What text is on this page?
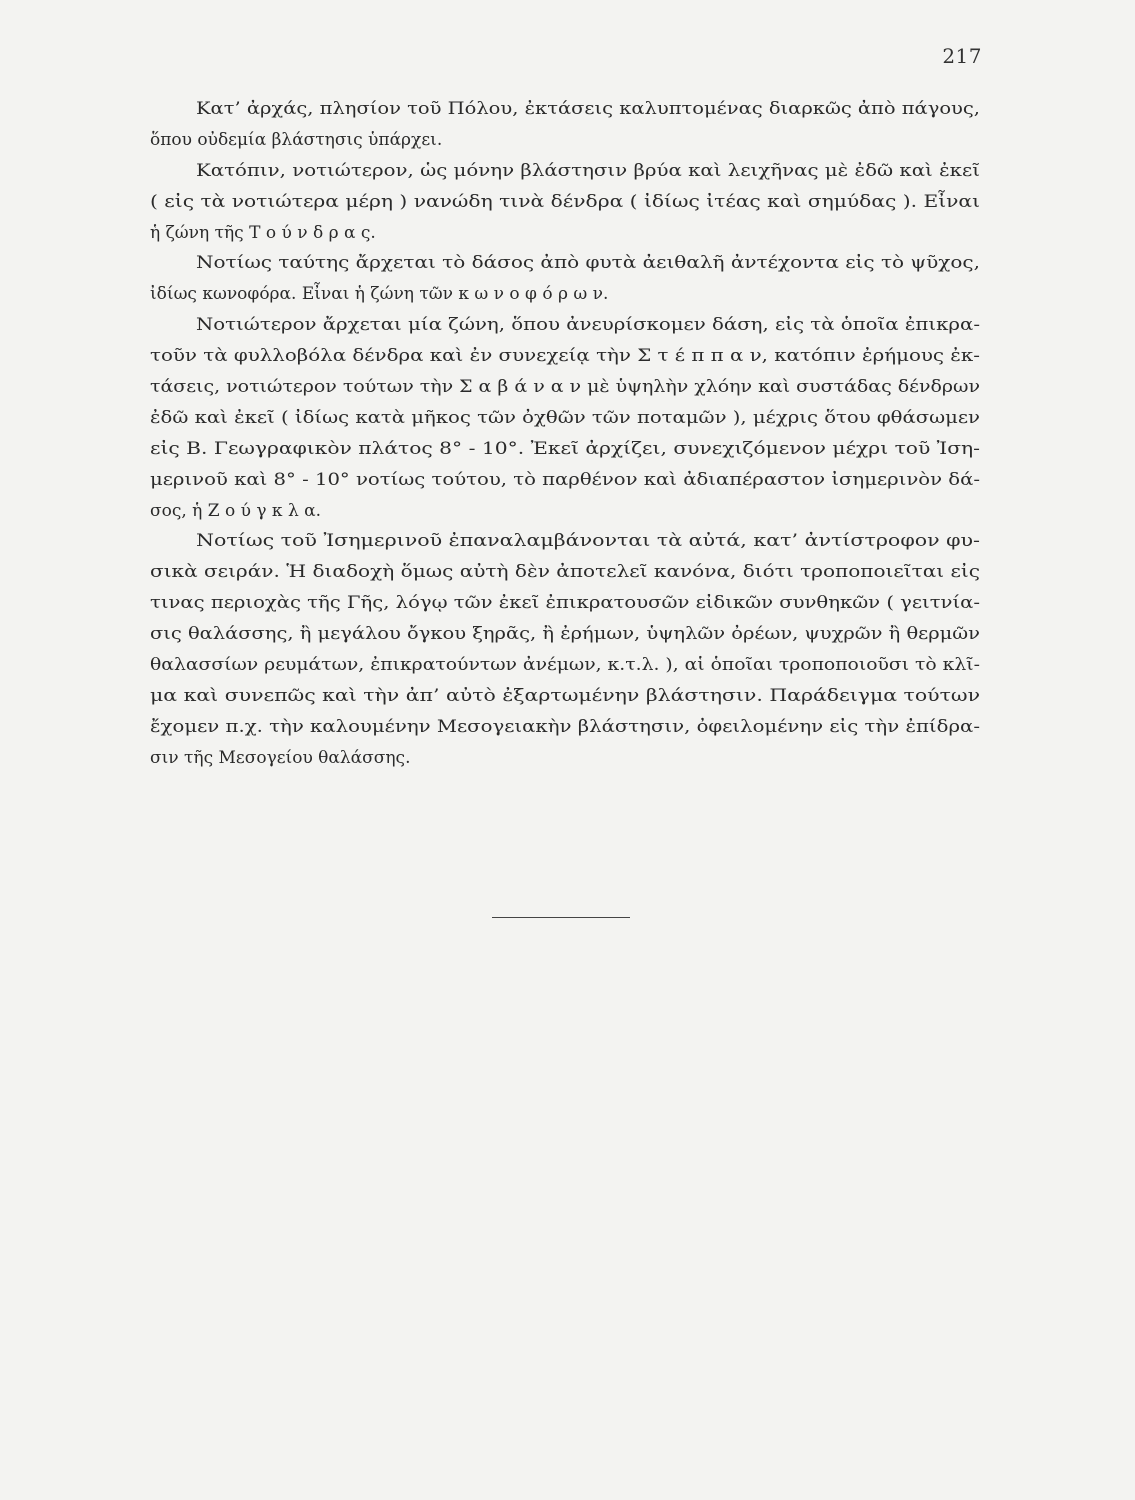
217
Κατ’ ἀρχάς, πλησίον τοῦ Πόλου, ἐκτάσεις καλυπτομένας διαρκῶς ἀπὸ πάγους,
ὅπου οὐδεμία βλάστησις ὑπάρχει.
Κατόπιν, νοτιώτερον, ὡς μόνην βλάστησιν βρύα καὶ λειχῆνας μὲ ἐδῶ καὶ ἐκεῖ
( εἰς τὰ νοτιώτερα μέρη ) νανώδη τινὰ δένδρα ( ἰδίως ἰτέας καὶ σημύδας ). Εἶναι
ἡ ζώνη τῆς Τ ο ύ ν δ ρ α ς.
Νοτίως ταύτης ἄρχεται τὸ δάσος ἀπὸ φυτὰ ἀειθαλῆ ἀντέχοντα εἰς τὸ ψῦχος,
ἰδίως κωνοφόρα. Εἶναι ἡ ζώνη τῶν κ ω ν ο φ ό ρ ω ν.
Νοτιώτερον ἄρχεται μία ζώνη, ὅπου ἀνευρίσκομεν δάση, εἰς τὰ ὁποῖα ἐπικρα-
τοῦν τὰ φυλλοβόλα δένδρα καὶ ἐν συνεχείᾳ τὴν Σ τ έ π π α ν, κατόπιν ἐρήμους ἐκ-
τάσεις, νοτιώτερον τούτων τὴν Σ α β ά ν α ν μὲ ὑψηλὴν χλόην καὶ συστάδας δένδρων
ἐδῶ καὶ ἐκεῖ ( ἰδίως κατὰ μῆκος τῶν ὀχθῶν τῶν ποταμῶν ), μέχρις ὅτου φθάσωμεν
εἰς Β. Γεωγραφικὸν πλάτος 8° - 10°. Ἐκεῖ ἀρχίζει, συνεχιζόμενον μέχρι τοῦ Ἰση-
μερινοῦ καὶ 8° - 10° νοτίως τούτου, τὸ παρθένον καὶ ἀδιαπέραστον ἰσημερινὸν δά-
σος, ἡ Ζ ο ύ γ κ λ α.
Νοτίως τοῦ Ἰσημερινοῦ ἐπαναλαμβάνονται τὰ αὐτά, κατ’ ἀντίστροφον φυ-
σικὰ σειράν. Ἡ διαδοχὴ ὅμως αὐτὴ δὲν ἀποτελεῖ κανόνα, διότι τροποποιεῖται εἰς
τινας περιοχὰς τῆς Γῆς, λόγῳ τῶν ἐκεῖ ἐπικρατουσῶν εἰδικῶν συνθηκῶν ( γειτνία-
σις θαλάσσης, ἢ μεγάλου ὄγκου ξηρᾶς, ἢ ἐρήμων, ὑψηλῶν ὀρέων, ψυχρῶν ἢ θερμῶν
θαλασσίων ρευμάτων, ἐπικρατούντων ἀνέμων, κ.τ.λ. ), αἱ ὁποῖαι τροποποιοῦσι τὸ κλῖ-
μα καὶ συνεπῶς καὶ τὴν ἀπ’ αὐτὸ ἐξαρτωμένην βλάστησιν. Παράδειγμα τούτων
ἔχομεν π.χ. τὴν καλουμένην Μεσογειακὴν βλάστησιν, ὀφειλομένην εἰς τὴν ἐπίδρα-
σιν τῆς Μεσογείου θαλάσσης.
